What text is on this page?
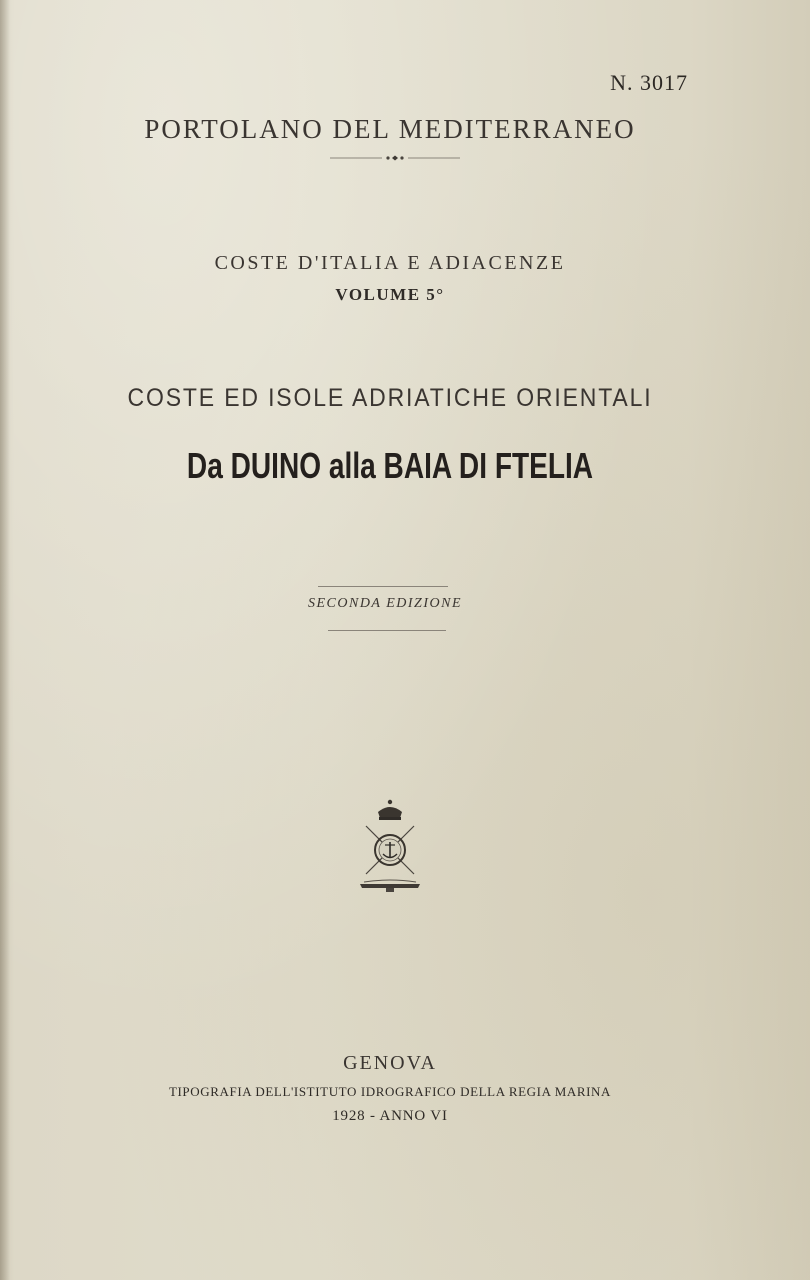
N. 3017
PORTOLANO DEL MEDITERRANEO
COSTE D'ITALIA E ADIACENZE
VOLUME 5°
COSTE ED ISOLE ADRIATICHE ORIENTALI
Da DUINO alla BAIA DI FTELIA
SECONDA EDIZIONE
GENOVA
TIPOGRAFIA DELL'ISTITUTO IDROGRAFICO DELLA REGIA MARINA
1928 - ANNO VI
